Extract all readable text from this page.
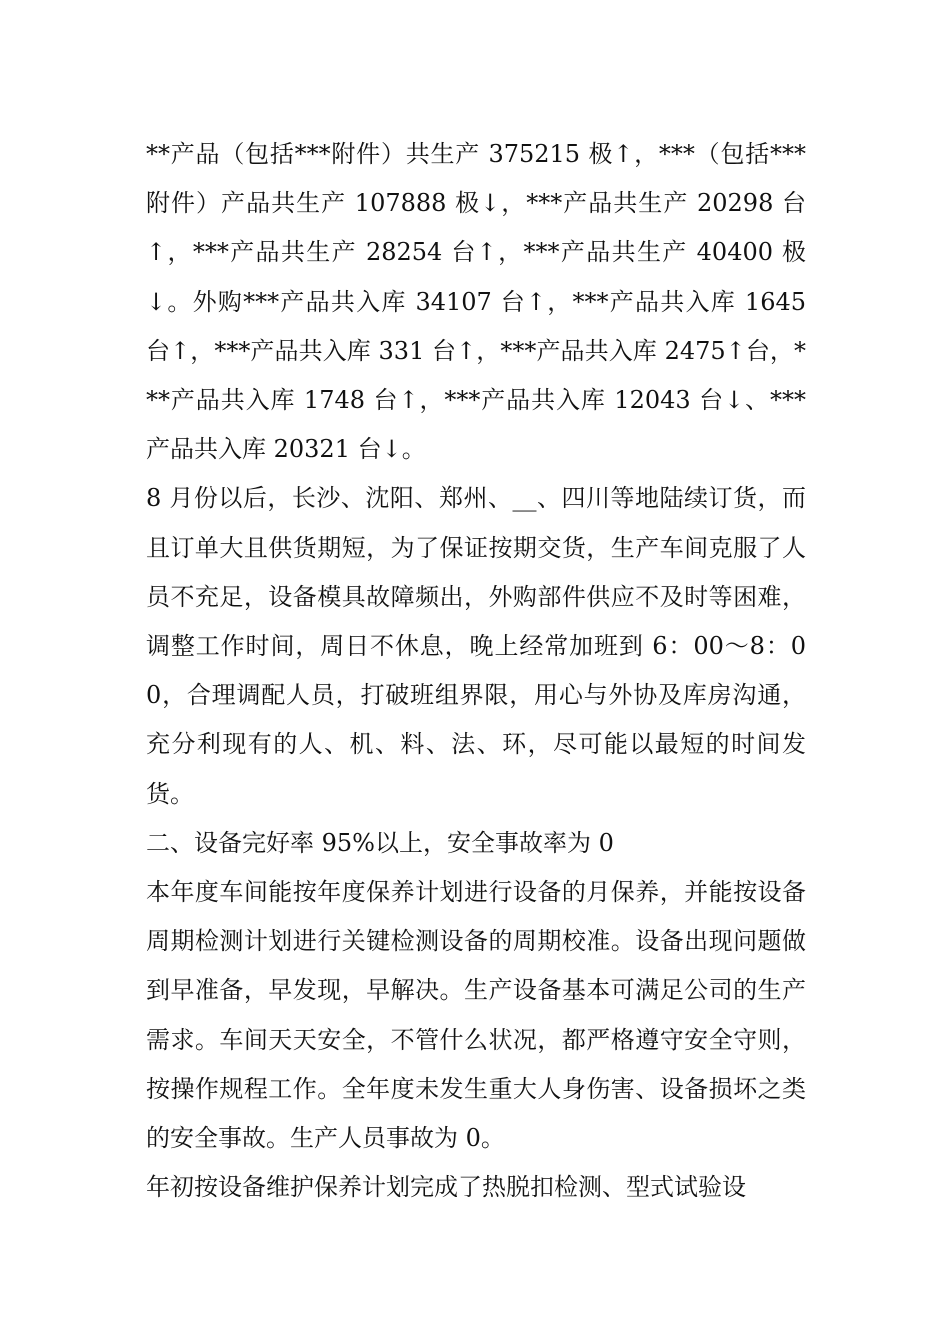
**产品（包括***附件）共生产 375215 极↑，***（包括***附件）产品共生产 107888 极↓，***产品共生产 20298 台↑，***产品共生产 28254 台↑，***产品共生产 40400 极↓。外购***产品共入库 34107 台↑，***产品共入库 1645 台↑，***产品共入库 331 台↑，***产品共入库 2475↑台，***产品共入库 1748 台↑，***产品共入库 12043 台↓、***产品共入库 20321 台↓。

8 月份以后，长沙、沈阳、郑州、__、四川等地陆续订货，而且订单大且供货期短，为了保证按期交货，生产车间克服了人员不充足，设备模具故障频出，外购部件供应不及时等困难，调整工作时间，周日不休息，晚上经常加班到 6：00～8：00，合理调配人员，打破班组界限，用心与外协及库房沟通，充分利现有的人、机、料、法、环，尽可能以最短的时间发货。

二、设备完好率 95%以上，安全事故率为 0

本年度车间能按年度保养计划进行设备的月保养，并能按设备周期检测计划进行关键检测设备的周期校准。设备出现问题做到早准备，早发现，早解决。生产设备基本可满足公司的生产需求。车间天天安全，不管什么状况，都严格遵守安全守则，按操作规程工作。全年度未发生重大人身伤害、设备损坏之类的安全事故。生产人员事故为 0。

年初按设备维护保养计划完成了热脱扣检测、型式试验设
